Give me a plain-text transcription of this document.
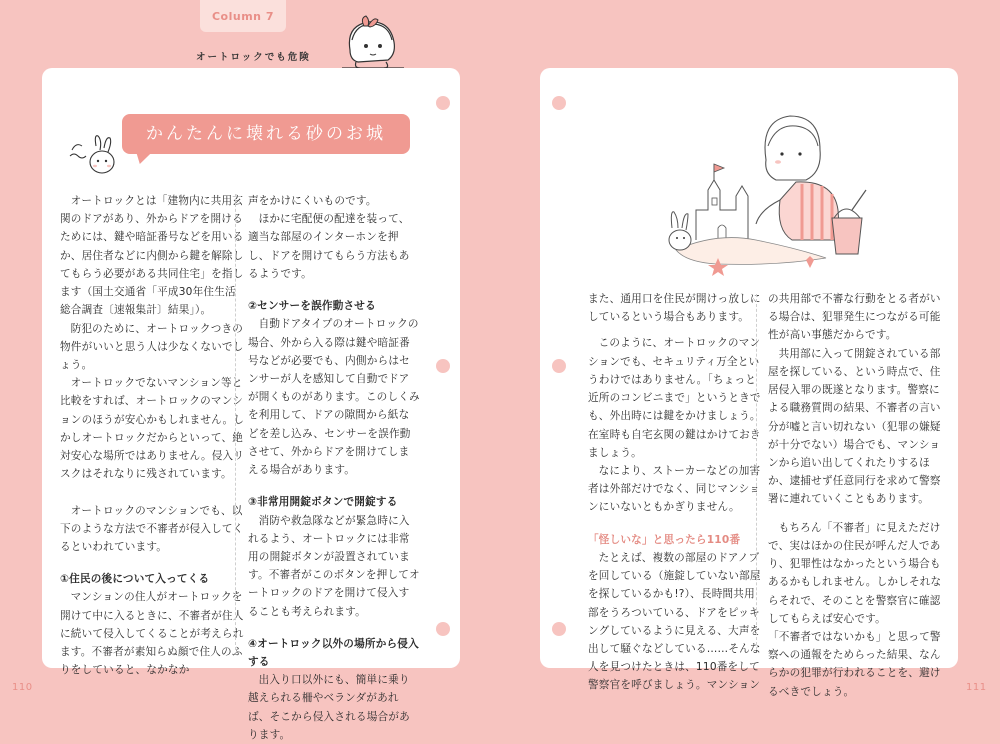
Column 7
オートロックでも危険
かんたんに壊れる砂のお城

オートロックとは「建物内に共用玄関のドアがあり、外からドアを開けるためには、鍵や暗証番号などを用いるか、居住者などに内側から鍵を解除してもらう必要がある共同住宅」を指します（国土交通省「平成30年住生活総合調査〔速報集計〕結果」）。

防犯のために、オートロックつきの物件がいいと思う人は少なくないでしょう。

オートロックでないマンション等と比較をすれば、オートロックのマンションのほうが安心かもしれません。しかしオートロックだからといって、絶対安心な場所ではありません。侵入リスクはそれなりに残されています。

オートロックのマンションでも、以下のような方法で不審者が侵入してくるといわれています。

①住民の後について入ってくる

マンションの住人がオートロックを開けて中に入るときに、不審者が住人に続いて侵入してくることが考えられます。不審者が素知らぬ顔で住人のふりをしていると、なかなか

声をかけにくいものです。

ほかに宅配便の配達を装って、適当な部屋のインターホンを押し、ドアを開けてもらう方法もあるようです。

②センサーを誤作動させる

自動ドアタイプのオートロックの場合、外から入る際は鍵や暗証番号などが必要でも、内側からはセンサーが人を感知して自動でドアが開くものがあります。このしくみを利用して、ドアの隙間から紙などを差し込み、センサーを誤作動させて、外からドアを開けてしまえる場合があります。

③非常用開錠ボタンで開錠する

消防や救急隊などが緊急時に入れるよう、オートロックには非常用の開錠ボタンが設置されています。不審者がこのボタンを押してオートロックのドアを開けて侵入することも考えられます。

④オートロック以外の場所から侵入する

出入り口以外にも、簡単に乗り越えられる柵やベランダがあれば、そこから侵入される場合があります。

また、通用口を住民が開けっ放しにしているという場合もあります。

このように、オートロックのマンションでも、セキュリティ万全というわけではありません。「ちょっと近所のコンビニまで」というときでも、外出時には鍵をかけましょう。在室時も自宅玄関の鍵はかけておきましょう。

なにより、ストーカーなどの加害者は外部だけでなく、同じマンションにいないともかぎりません。

「怪しいな」と思ったら110番

たとえば、複数の部屋のドアノブを回している（施錠していない部屋を探しているかも!?）、長時間共用部をうろついている、ドアをピッキングしているように見える、大声を出して騒ぐなどしている……そんな人を見つけたときは、110番をして警察官を呼びましょう。マンション

の共用部で不審な行動をとる者がいる場合は、犯罪発生につながる可能性が高い事態だからです。

共用部に入って開錠されている部屋を探している、という時点で、住居侵入罪の既遂となります。警察による職務質問の結果、不審者の言い分が嘘と言い切れない（犯罪の嫌疑が十分でない）場合でも、マンションから追い出してくれたりするほか、逮捕せず任意同行を求めて警察署に連れていくこともあります。

もちろん「不審者」に見えただけで、実はほかの住民が呼んだ人であり、犯罪性はなかったという場合もあるかもしれません。しかしそれならそれで、そのことを警察官に確認してもらえば安心です。

「不審者ではないかも」と思って警察への通報をためらった結果、なんらかの犯罪が行われることを、避けるべきでしょう。

110	111
